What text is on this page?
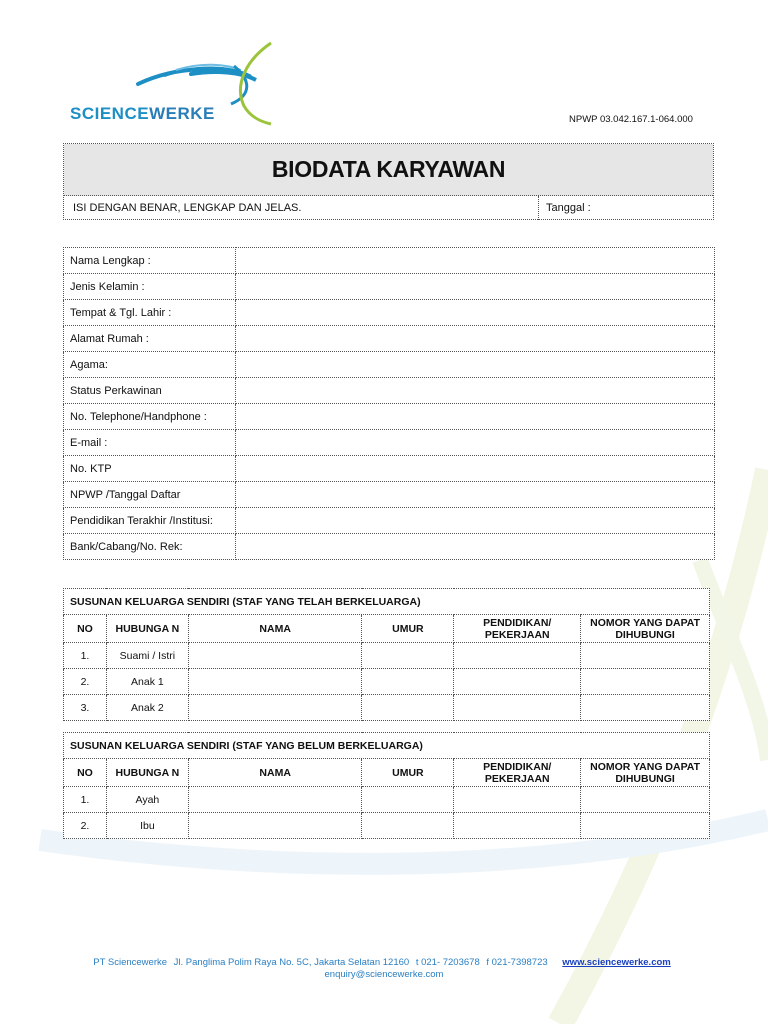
SCIENCEWERKE	NPWP 03.042.167.1-064.000
BIODATA KARYAWAN
ISI DENGAN BENAR, LENGKAP DAN JELAS.	Tanggal :
Nama Lengkap :	
Jenis Kelamin :	
Tempat & Tgl. Lahir :	
Alamat Rumah :	
Agama:	
Status Perkawinan	
No. Telephone/Handphone :	
E-mail :	
No. KTP	
NPWP /Tanggal Daftar	
Pendidikan Terakhir /Institusi:	
Bank/Cabang/No. Rek:	
SUSUNAN KELUARGA SENDIRI (STAF YANG TELAH BERKELUARGA)					
NO	HUBUNGA N	NAMA	UMUR	PENDIDIKAN/ PEKERJAAN	NOMOR YANG DAPAT DIHUBUNGI
1.	Suami / Istri				
2.	Anak 1				
3.	Anak 2				
SUSUNAN KELUARGA SENDIRI (STAF YANG BELUM BERKELUARGA)					
NO	HUBUNGA N	NAMA	UMUR	PENDIDIKAN/ PEKERJAAN	NOMOR YANG DAPAT DIHUBUNGI
1.	Ayah				
2.	Ibu				
PT Sciencewerke Jl. Panglima Polim Raya No. 5C, Jakarta Selatan 12160 t 021- 7203678 f 021-7398723 www.sciencewerke.com
enquiry@sciencewerke.com
